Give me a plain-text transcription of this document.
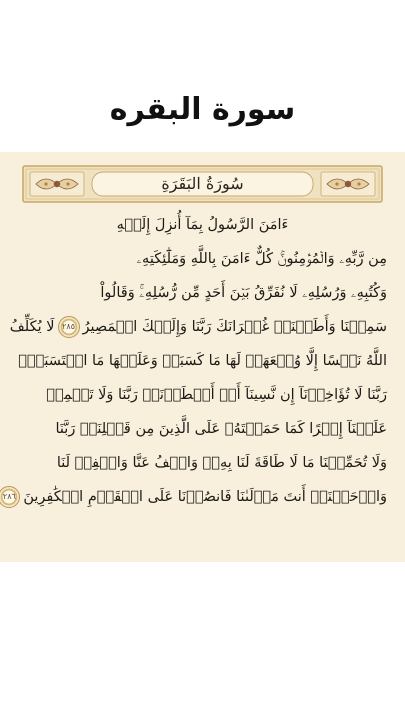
سورة البقره
سُورَةُ البَقَرَةِ
ءَامَنَ الرَّسُولُ بِمَآ أُنزِلَ إِلَيۡهِ
مِن رَّبِّهِۦ وَالۡمُؤۡمِنُونَۚ كُلٌّ ءَامَنَ بِاللَّهِ وَمَلَٰٓئِكَتِهِۦ
وَكُتُبِهِۦ وَرُسُلِهِۦ لَا نُفَرِّقُ بَيۡنَ أَحَدٍ مِّن رُّسُلِهِۦۚ وَقَالُواْ
سَمِعۡنَا وَأَطَعۡنَاۖ غُفۡرَانَكَ رَبَّنَا وَإِلَيۡكَ الۡمَصِيرُ
٢٨٥
لَا يُكَلِّفُ
اللَّهُ نَفۡسًا إِلَّا وُسۡعَهَاۚ لَهَا مَا كَسَبَتۡ وَعَلَيۡهَا مَا اكۡتَسَبَتۡۗ
رَبَّنَا لَا تُؤَاخِذۡنَآ إِن نَّسِينَآ أَوۡ أَخۡطَأۡنَاۚ رَبَّنَا وَلَا تَحۡمِلۡ
عَلَيۡنَآ إِصۡرًا كَمَا حَمَلۡتَهُۥ عَلَى الَّذِينَ مِن قَبۡلِنَاۚ رَبَّنَا
وَلَا تُحَمِّلۡنَا مَا لَا طَاقَةَ لَنَا بِهِۦۖ وَاعۡفُ عَنَّا وَاغۡفِرۡ لَنَا
وَارۡحَمۡنَآۚ أَنتَ مَوۡلَىٰنَا فَانصُرۡنَا عَلَى الۡقَوۡمِ الۡكَٰفِرِينَ
٢٨٦
